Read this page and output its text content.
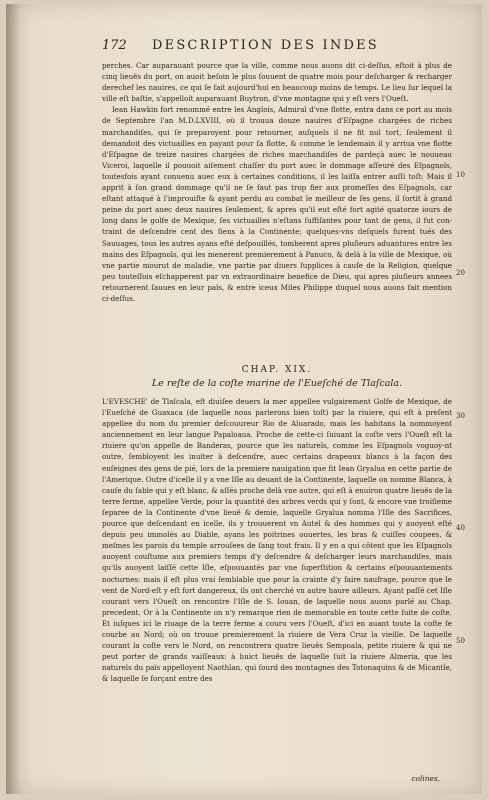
172 DESCRIPTION DES INDES

perches. Car auparauant pource que la ville, comme nous auons dit ci-deſſus, eſtoit à plus de cinq lieuës du port, on auoit beſoin le plus ſouuent de quatre mois pour deſcharger & recharger derechef les nauires, ce qui ſe fait aujourd'hui en beaucoup moins de temps. Le lieu ſur lequel la ville eſt baſtie, s'appelloit auparauant Buytron, d'vne montagne qui y eſt vers l'Oueſt.

Iean Hawkin fort renommé entre les Anglois, Admiral d'vne flotte, entra dans ce port au mois de Septembre l'an M.D.LXVIII, où il trouua douze nauires d'Eſpagne chargées de riches marchandiſes, qui ſe preparoyent pour retourner, auſquels il ne fit nul tort, ſeulement il demandoit des victuailles en payant pour ſa flotte, & comme le lendemain il y arriua vne flotte d'Eſpagne de treize nauires chargées de riches marchandiſes de pardeçà auec le nouueau Viceroi, laquelle il pouuoit aiſement chaſſer du port auec le dommage aſſeuré des Eſpagnols, toutesfois ayant conuenu auec eux à certaines conditions, il les laiſſa entrer auſſi toſt: Mais il apprit à ſon grand dommage qu'il ne ſe faut pas trop fier aux promeſſes des Eſpagnols, car eſtant attaqué à l'improuiſte & ayant perdu au combat le meilleur de ſes gens, il ſortit à grand peine du port auec deux nauires ſeulement, & apres qu'il eut eſté fort agité quatorze iours de long dans le golfe de Mexique, ſes victuailles n'eſtans ſuffiſantes pour tant de gens, il fut contraint de deſcendre cent des ſiens à la Continente; quelques-vns deſquels furent tués des Sauuages, tous les autres ayans eſté deſpouillés, tomberent apres pluſieurs aduantures entre les mains des Eſpagnols, qui les menerent premierement à Panuco, & delà à la ville de Mexique, où vne partie mourut de maladie, vne partie par diuers ſupplices à cauſe de la Religion, quelque peu touteſfois eſchapperent par vn extraordinaire benefice de Dieu, qui apres pluſieurs annees retournerent ſauues en leur païs, & entre iceux Miles Philippe duquel nous auons fait mention ci-deſſus.

CHAP. XIX.
Le reſte de la coſte marine de l'Eueſché de Tlaſcala.

L'EVESCHE' de Tlaſcala, eſt diuiſee deuers la mer appellee vulgairement Golfe de Mexique, de l'Eueſché de Guaxaca (de laquelle nous parlerons bien toſt) par la riuiere, qui eſt à preſent appellee du nom du premier deſcouureur Rio de Aluarado, mais les habitans la nommoyent anciennement en leur langue Papaloaua. Proche de cette-ci ſuiuant la coſte vers l'Oueſt eſt la riuiere qu'on appelle de Banderas, pource que les naturels, comme les Eſpagnols voguoy-nt outre, ſembloyent les inuiter à deſcendre, auec certains drapeaux blancs à la façon des enſeignes des gens de pié, lors de la premiere nauigation que fit Iean Gryalua en cette partie de l'Amerique. Outre d'icelle il y a vne Iſle au deuant de la Continente, laquelle on nomme Blanca, à cauſe du ſable qui y eſt blanc, & aſſés proche delà vne autre, qui eſt à enuiron quatre lieuës de la terre ferme, appellee Verde, pour la quantité des arbres verds qui y ſont, & encore vne troiſieme ſeparee de la Continente d'vne lieuë & demie, laquelle Gryalua nomma l'Iſle des Sacrifices, pource que deſcendant en icelle, ils y trouuerent vn Autel & des hommes qui y auoyent eſté depuis peu immolés au Diable, ayans les poitrines ouuertes, les bras & cuiſſes coupees, & meſmes les parois du temple arrouſees de ſang tout frais. Il y en a qui côtent que les Eſpagnols auoyent couſtume aux premiers temps d'y deſcendre & deſcharger leurs marchandiſes, mais qu'ils auoyent laiſſé cette Iſle, eſpouuantés par vne ſuperſtition & certains eſpouuantements nocturnes: mais il eſt plus vrai ſemblable que pour la crainte d'y faire naufrage, pource que le vent de Nord-eſt y eſt fort dangereux, ils ont cherché vn autre haure ailleurs. Ayant paſſé cet Iſle courant vers l'Oueſt on rencontre l'Iſle de S. Iouan, de laquelle nous auons parlé au Chap. precedent. Or à la Continente on n'y remarque rien de memorable en toute cette ſuite de coſte. Et iuſques ici le riuage de la terre ferme a couru vers l'Oueſt, d'ici en auant toute la coſte ſe courbe au Nord; où on trouue premierement la riuiere de Vera Cruz la vieille. De laquelle courant la coſte vers le Nord, on rencontrera quatre lieuës Sempoala, petite riuiere & qui ne peut porter de grands vaiſſeaux: à huict lieuës de laquelle ſuit la riuiere Almeria, que les naturels du païs appelloyent Naothlan, qui ſourd des montagnes des Totonaquins & de Micantle, & laquelle ſe forçant entre des

10
20
30
40
50
colines,
